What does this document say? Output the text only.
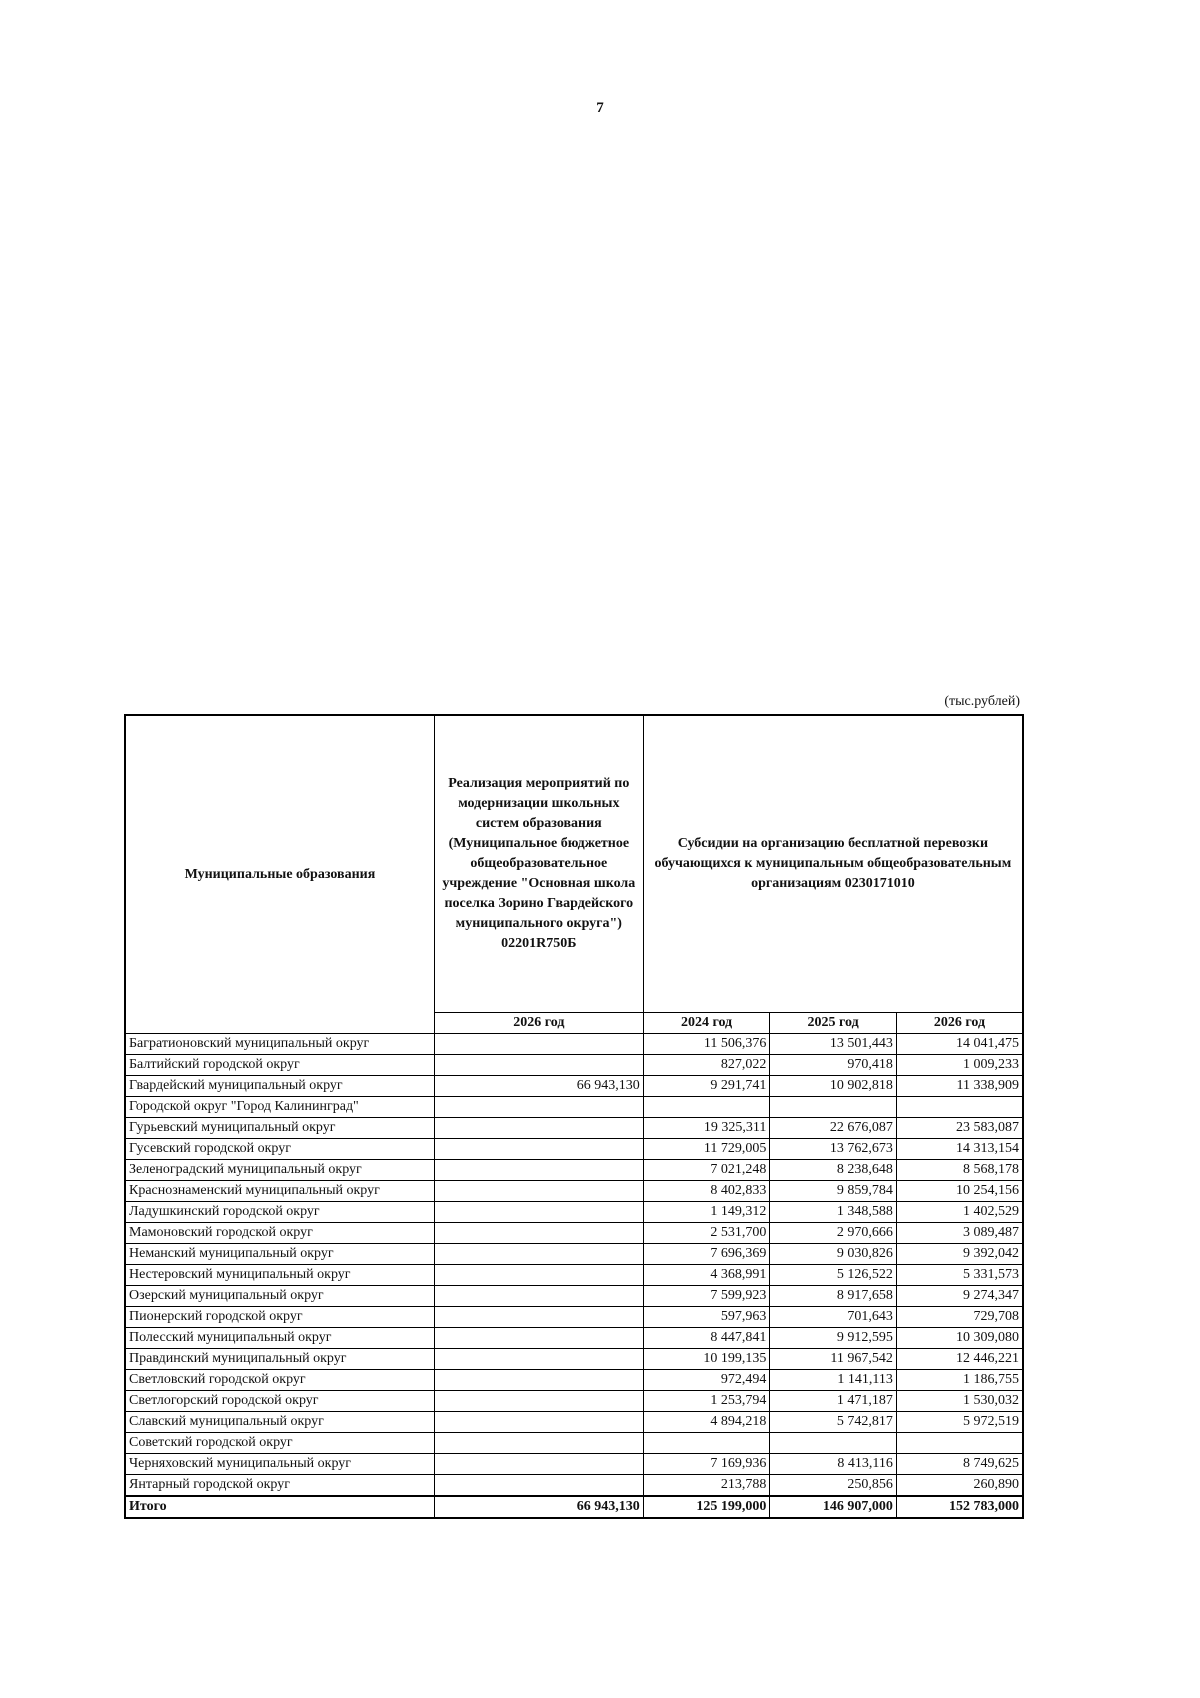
7
(тыс.рублей)
Муниципальные образования	Реализация мероприятий по модернизации школьных систем образования (Муниципальное бюджетное общеобразовательное учреждение "Основная школа поселка Зорино Гвардейского муниципального округа") 02201R750Б	Субсидии на организацию бесплатной перевозки обучающихся к муниципальным общеобразовательным организациям 0230171010		
	2026 год	2024 год	2025 год	2026 год
Багратионовский муниципальный округ		11 506,376	13 501,443	14 041,475
Балтийский городской округ		827,022	970,418	1 009,233
Гвардейский муниципальный округ	66 943,130	9 291,741	10 902,818	11 338,909
Городской округ "Город Калининград"				
Гурьевский муниципальный округ		19 325,311	22 676,087	23 583,087
Гусевский городской округ		11 729,005	13 762,673	14 313,154
Зеленоградский муниципальный округ		7 021,248	8 238,648	8 568,178
Краснознаменский муниципальный округ		8 402,833	9 859,784	10 254,156
Ладушкинский городской округ		1 149,312	1 348,588	1 402,529
Мамоновский городской округ		2 531,700	2 970,666	3 089,487
Неманский муниципальный округ		7 696,369	9 030,826	9 392,042
Нестеровский муниципальный округ		4 368,991	5 126,522	5 331,573
Озерский муниципальный округ		7 599,923	8 917,658	9 274,347
Пионерский городской округ		597,963	701,643	729,708
Полесский муниципальный округ		8 447,841	9 912,595	10 309,080
Правдинский муниципальный округ		10 199,135	11 967,542	12 446,221
Светловский городской округ		972,494	1 141,113	1 186,755
Светлогорский городской округ		1 253,794	1 471,187	1 530,032
Славский муниципальный округ		4 894,218	5 742,817	5 972,519
Советский городской округ				
Черняховский муниципальный округ		7 169,936	8 413,116	8 749,625
Янтарный городской округ		213,788	250,856	260,890
Итого	66 943,130	125 199,000	146 907,000	152 783,000
